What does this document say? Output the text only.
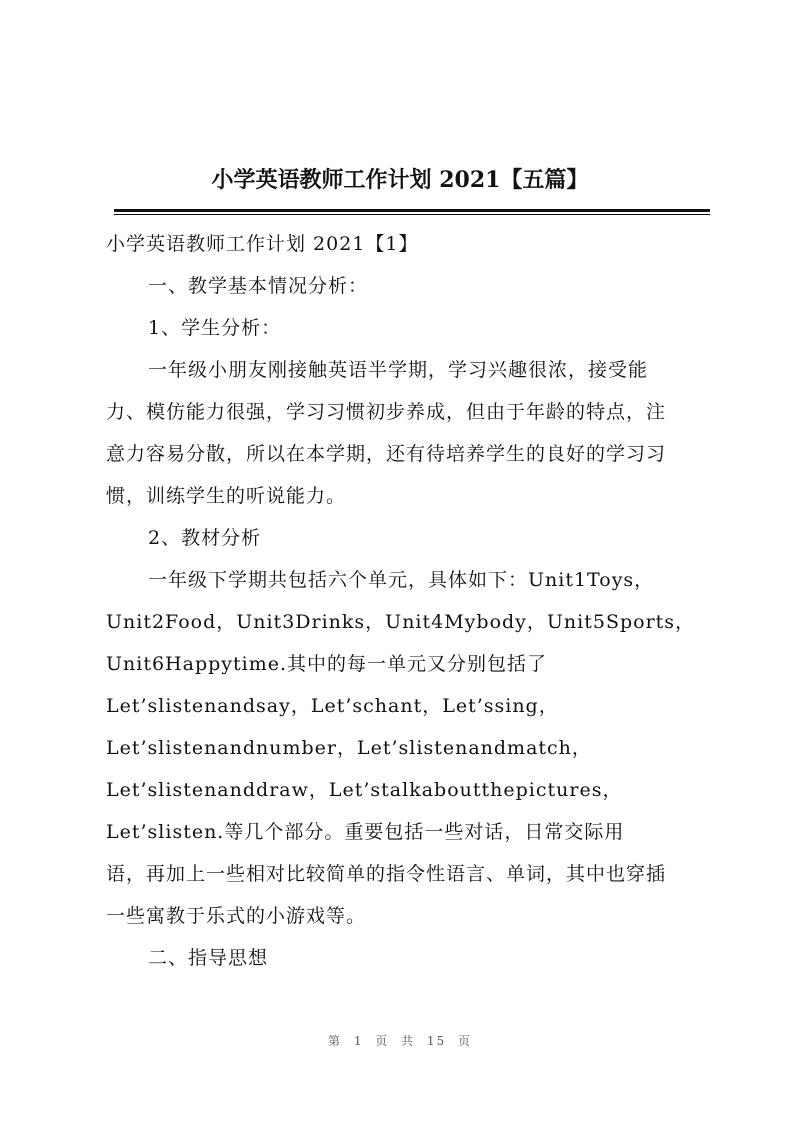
小学英语教师工作计划 2021【五篇】
小学英语教师工作计划 2021【1】
一、教学基本情况分析：
1、学生分析：
一年级小朋友刚接触英语半学期，学习兴趣很浓，接受能
力、模仿能力很强，学习习惯初步养成，但由于年龄的特点，注
意力容易分散，所以在本学期，还有待培养学生的良好的学习习
惯，训练学生的听说能力。
2、教材分析
一年级下学期共包括六个单元，具体如下：Unit1Toys，
Unit2Food，Unit3Drinks，Unit4Mybody，Unit5Sports，
Unit6Happytime.其中的每一单元又分别包括了
Let’slistenandsay，Let’schant，Let’ssing，
Let’slistenandnumber，Let’slistenandmatch，
Let’slistenanddraw，Let’stalkaboutthepictures，
Let’slisten.等几个部分。重要包括一些对话，日常交际用
语，再加上一些相对比较简单的指令性语言、单词，其中也穿插
一些寓教于乐式的小游戏等。
二、指导思想
第 1 页 共 15 页
